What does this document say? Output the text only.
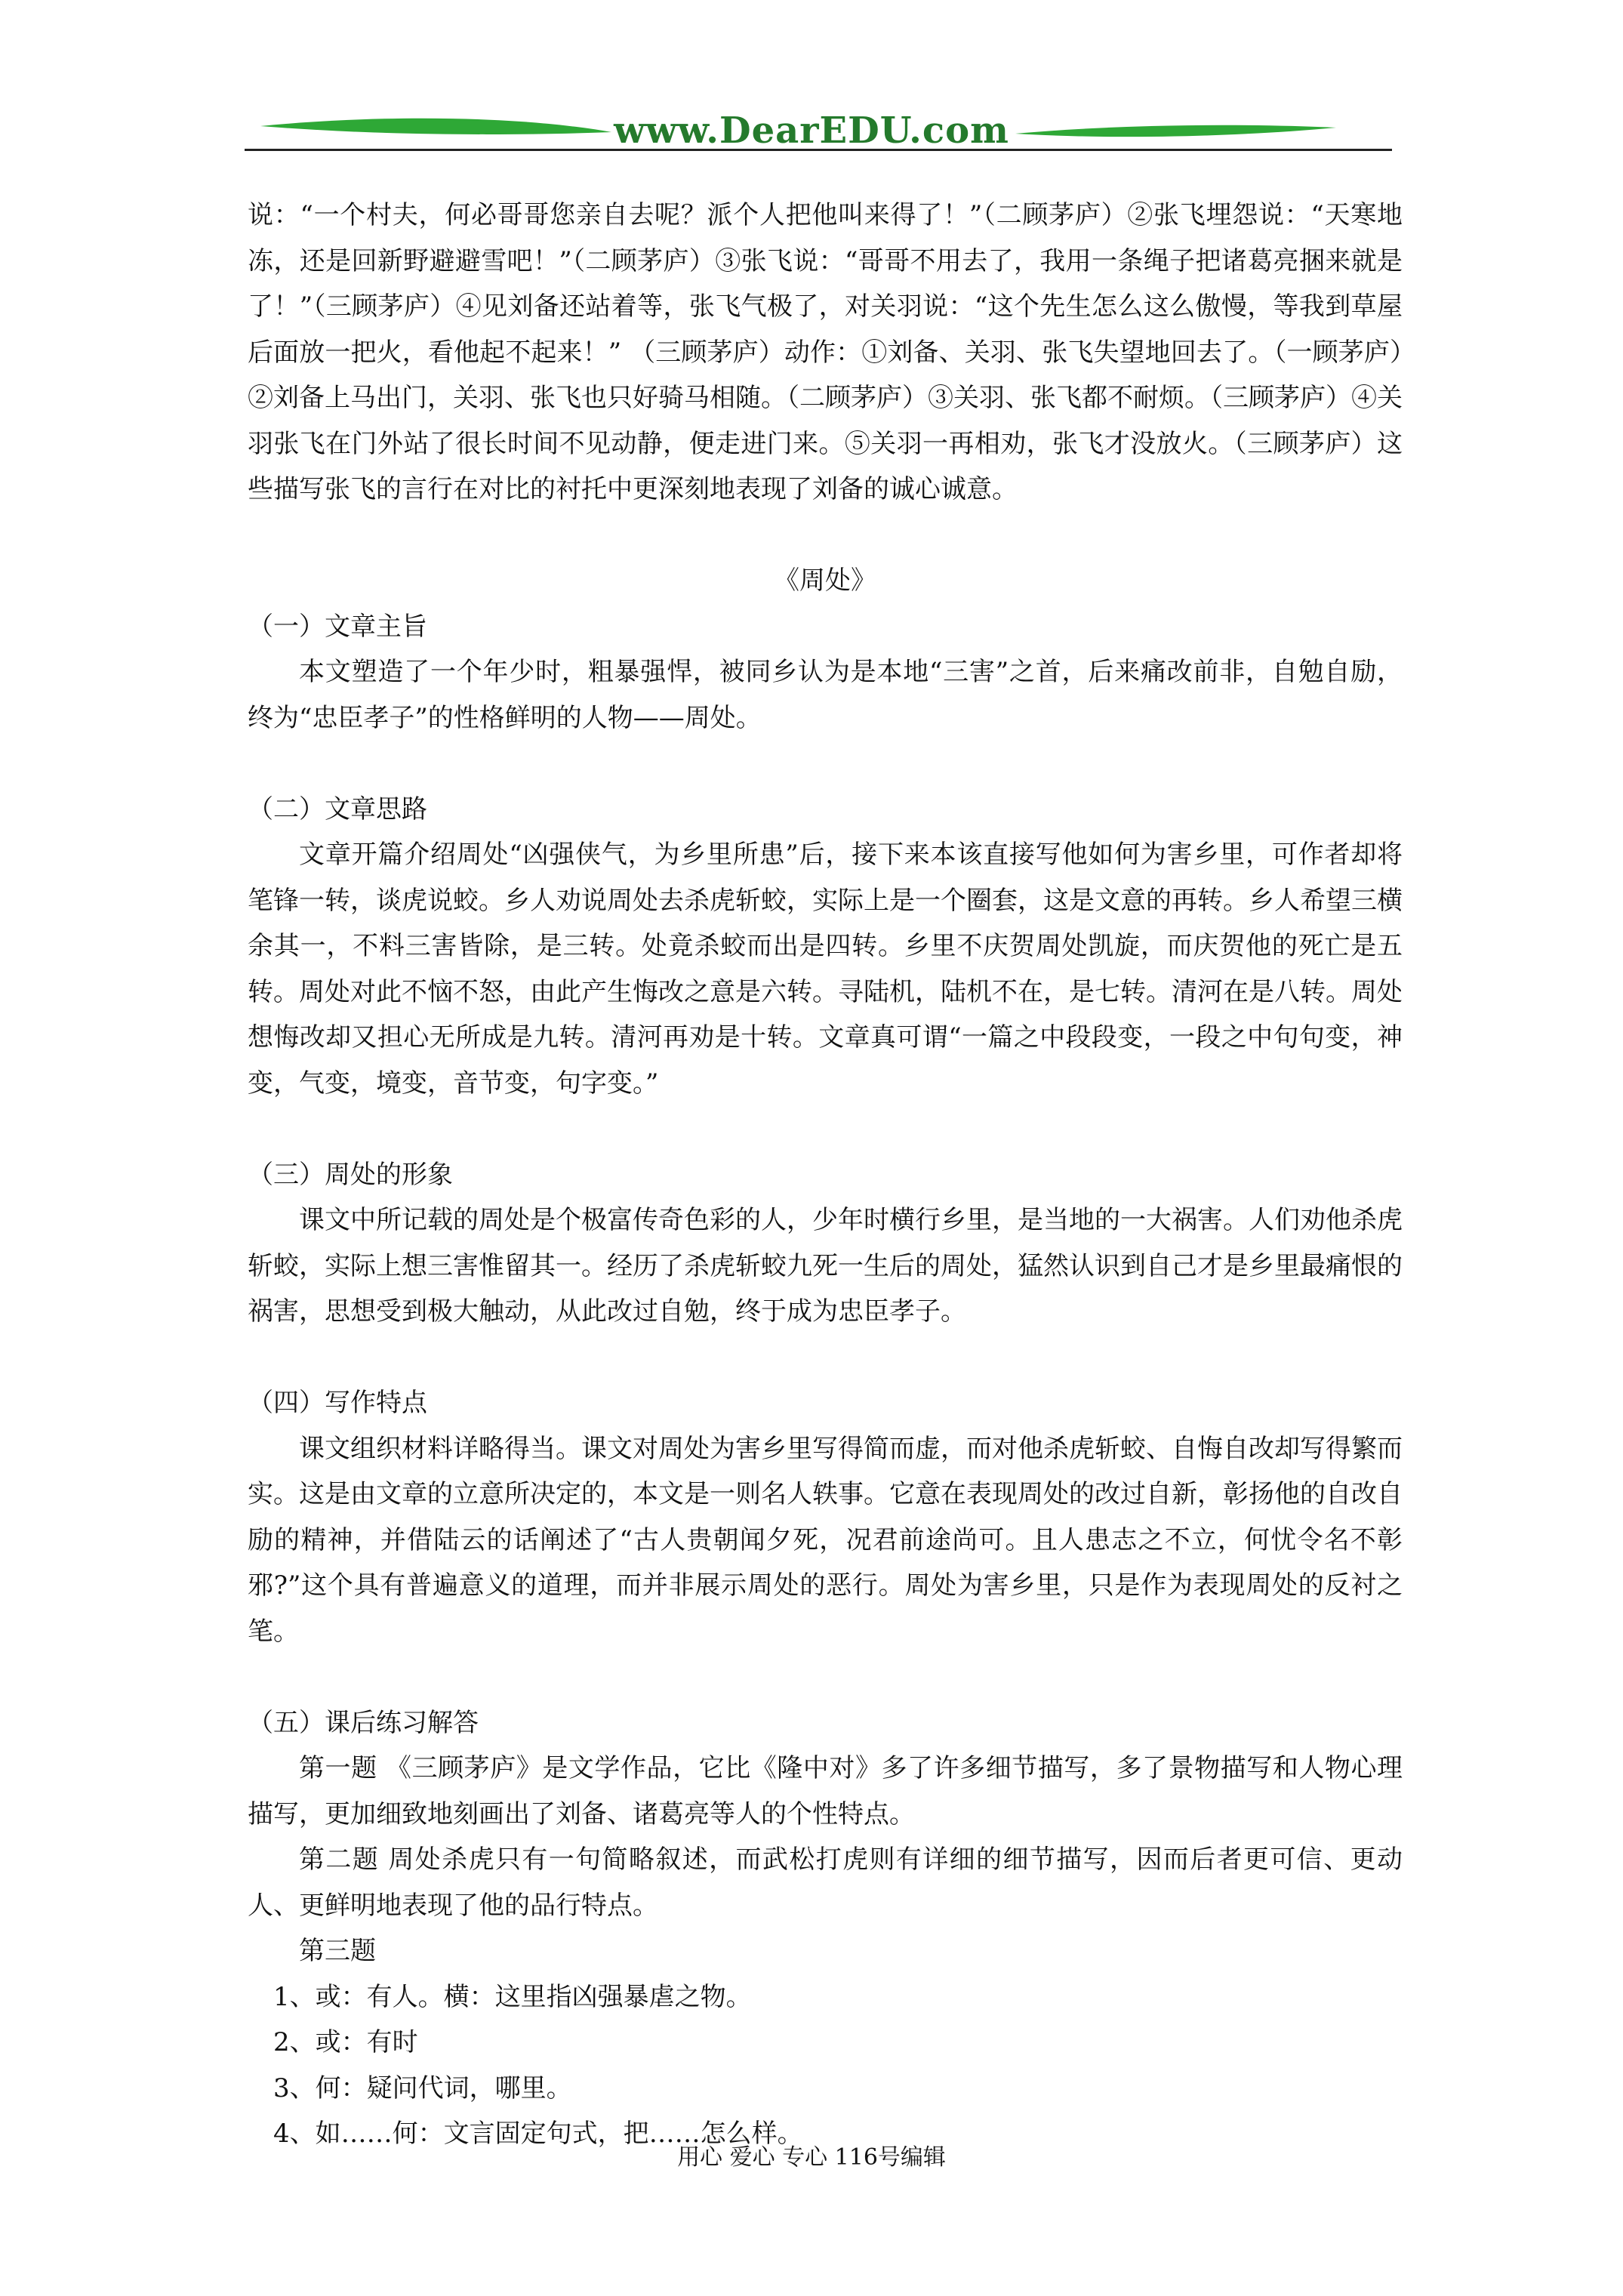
www.DearEDU.com

说：“一个村夫，何必哥哥您亲自去呢？派个人把他叫来得了！”（二顾茅庐）②张飞埋怨说：“天寒地冻，还是回新野避避雪吧！”（二顾茅庐）③张飞说：“哥哥不用去了，我用一条绳子把诸葛亮捆来就是了！”（三顾茅庐）④见刘备还站着等，张飞气极了，对关羽说：“这个先生怎么这么傲慢，等我到草屋后面放一把火，看他起不起来！” （三顾茅庐）动作：①刘备、关羽、张飞失望地回去了。（一顾茅庐）②刘备上马出门，关羽、张飞也只好骑马相随。（二顾茅庐）③关羽、张飞都不耐烦。（三顾茅庐）④关羽张飞在门外站了很长时间不见动静，便走进门来。⑤关羽一再相劝，张飞才没放火。（三顾茅庐）这些描写张飞的言行在对比的衬托中更深刻地表现了刘备的诚心诚意。

《周处》

（一）文章主旨

本文塑造了一个年少时，粗暴强悍，被同乡认为是本地“三害”之首，后来痛改前非，自勉自励，终为“忠臣孝子”的性格鲜明的人物——周处。

（二）文章思路

文章开篇介绍周处“凶强侠气，为乡里所患”后，接下来本该直接写他如何为害乡里，可作者却将笔锋一转，谈虎说蛟。乡人劝说周处去杀虎斩蛟，实际上是一个圈套，这是文意的再转。乡人希望三横余其一，不料三害皆除，是三转。处竟杀蛟而出是四转。乡里不庆贺周处凯旋，而庆贺他的死亡是五转。周处对此不恼不怒，由此产生悔改之意是六转。寻陆机，陆机不在，是七转。清河在是八转。周处想悔改却又担心无所成是九转。清河再劝是十转。文章真可谓“一篇之中段段变，一段之中句句变，神变，气变，境变，音节变，句字变。”

（三）周处的形象

课文中所记载的周处是个极富传奇色彩的人，少年时横行乡里，是当地的一大祸害。人们劝他杀虎斩蛟，实际上想三害惟留其一。经历了杀虎斩蛟九死一生后的周处，猛然认识到自己才是乡里最痛恨的祸害，思想受到极大触动，从此改过自勉，终于成为忠臣孝子。

（四）写作特点

课文组织材料详略得当。课文对周处为害乡里写得简而虚，而对他杀虎斩蛟、自悔自改却写得繁而实。这是由文章的立意所决定的，本文是一则名人轶事。它意在表现周处的改过自新，彰扬他的自改自励的精神，并借陆云的话阐述了“古人贵朝闻夕死，况君前途尚可。且人患志之不立，何忧令名不彰邪?”这个具有普遍意义的道理，而并非展示周处的恶行。周处为害乡里，只是作为表现周处的反衬之笔。

（五）课后练习解答

第一题 《三顾茅庐》是文学作品，它比《隆中对》多了许多细节描写，多了景物描写和人物心理描写，更加细致地刻画出了刘备、诸葛亮等人的个性特点。

第二题 周处杀虎只有一句简略叙述，而武松打虎则有详细的细节描写，因而后者更可信、更动人、更鲜明地表现了他的品行特点。

第三题

1、或：有人。横：这里指凶强暴虐之物。

2、或：有时

3、何：疑问代词，哪里。

4、如……何：文言固定句式，把……怎么样。

用心 爱心 专心 116号编辑
